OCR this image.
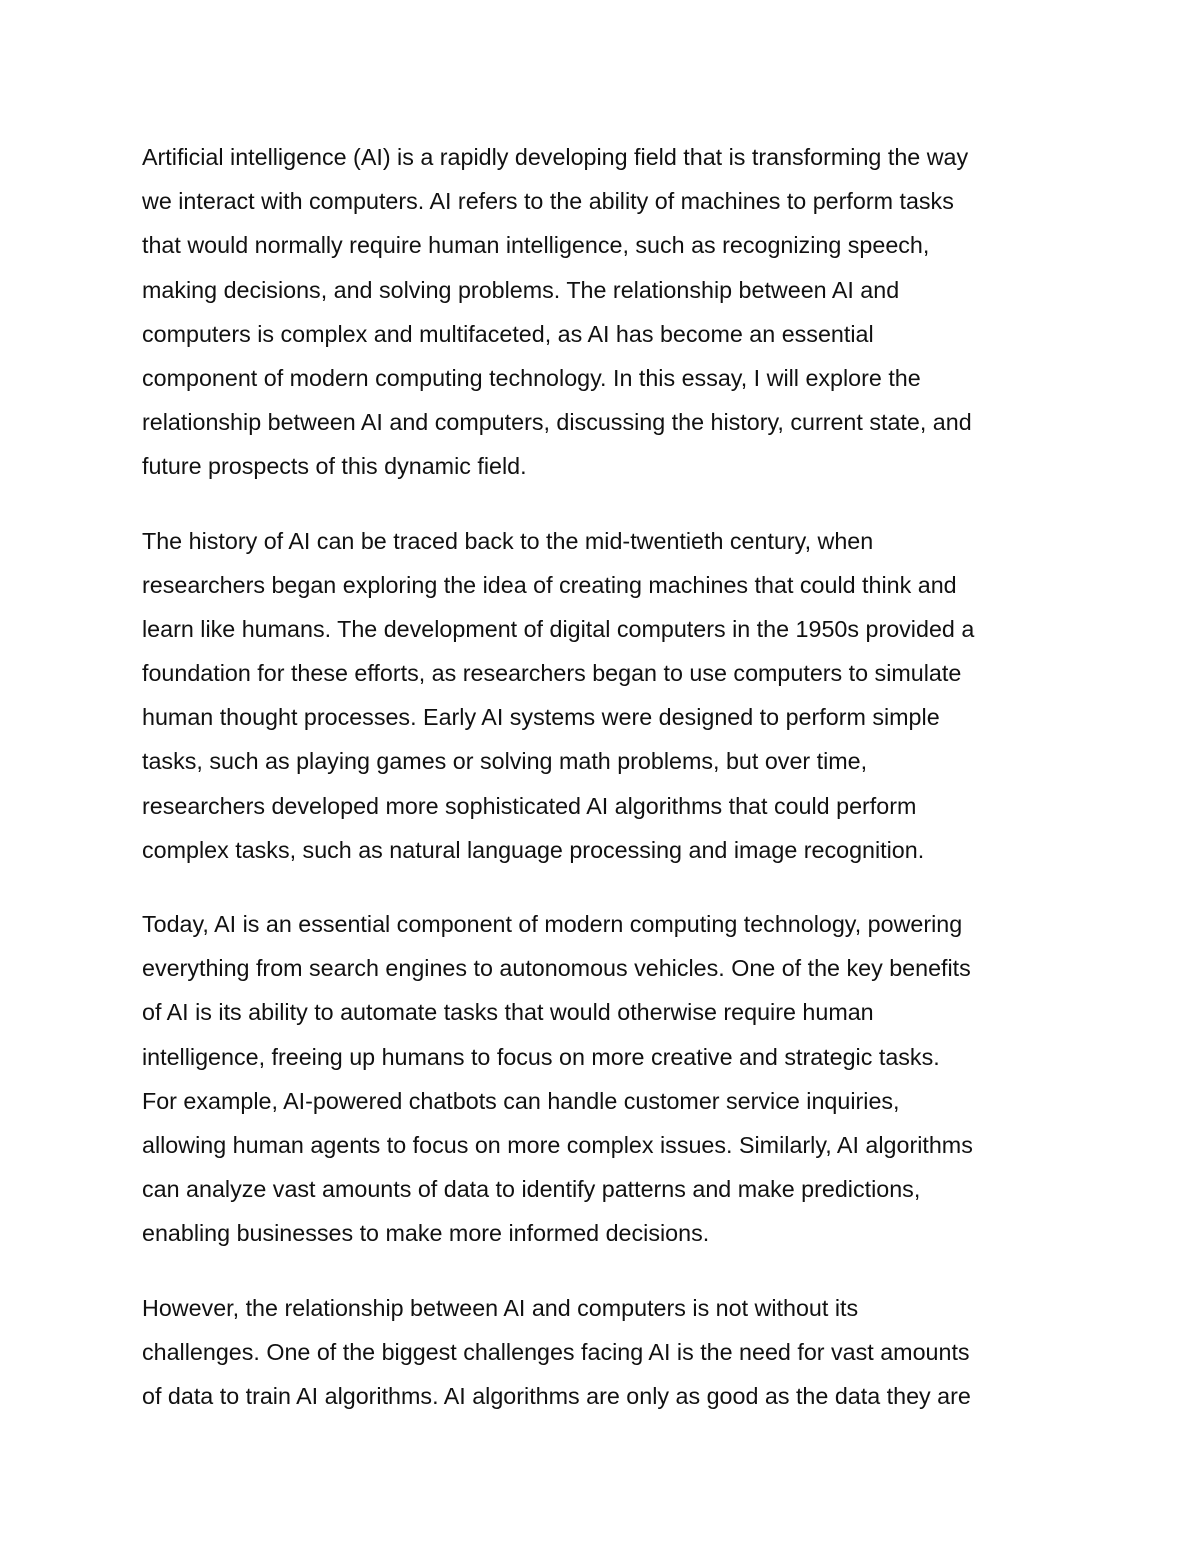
Artificial intelligence (AI) is a rapidly developing field that is transforming the way
we interact with computers. AI refers to the ability of machines to perform tasks
that would normally require human intelligence, such as recognizing speech,
making decisions, and solving problems. The relationship between AI and
computers is complex and multifaceted, as AI has become an essential
component of modern computing technology. In this essay, I will explore the
relationship between AI and computers, discussing the history, current state, and
future prospects of this dynamic field.

The history of AI can be traced back to the mid-twentieth century, when
researchers began exploring the idea of creating machines that could think and
learn like humans. The development of digital computers in the 1950s provided a
foundation for these efforts, as researchers began to use computers to simulate
human thought processes. Early AI systems were designed to perform simple
tasks, such as playing games or solving math problems, but over time,
researchers developed more sophisticated AI algorithms that could perform
complex tasks, such as natural language processing and image recognition.

Today, AI is an essential component of modern computing technology, powering
everything from search engines to autonomous vehicles. One of the key benefits
of AI is its ability to automate tasks that would otherwise require human
intelligence, freeing up humans to focus on more creative and strategic tasks.
For example, AI-powered chatbots can handle customer service inquiries,
allowing human agents to focus on more complex issues. Similarly, AI algorithms
can analyze vast amounts of data to identify patterns and make predictions,
enabling businesses to make more informed decisions.

However, the relationship between AI and computers is not without its
challenges. One of the biggest challenges facing AI is the need for vast amounts
of data to train AI algorithms. AI algorithms are only as good as the data they are
